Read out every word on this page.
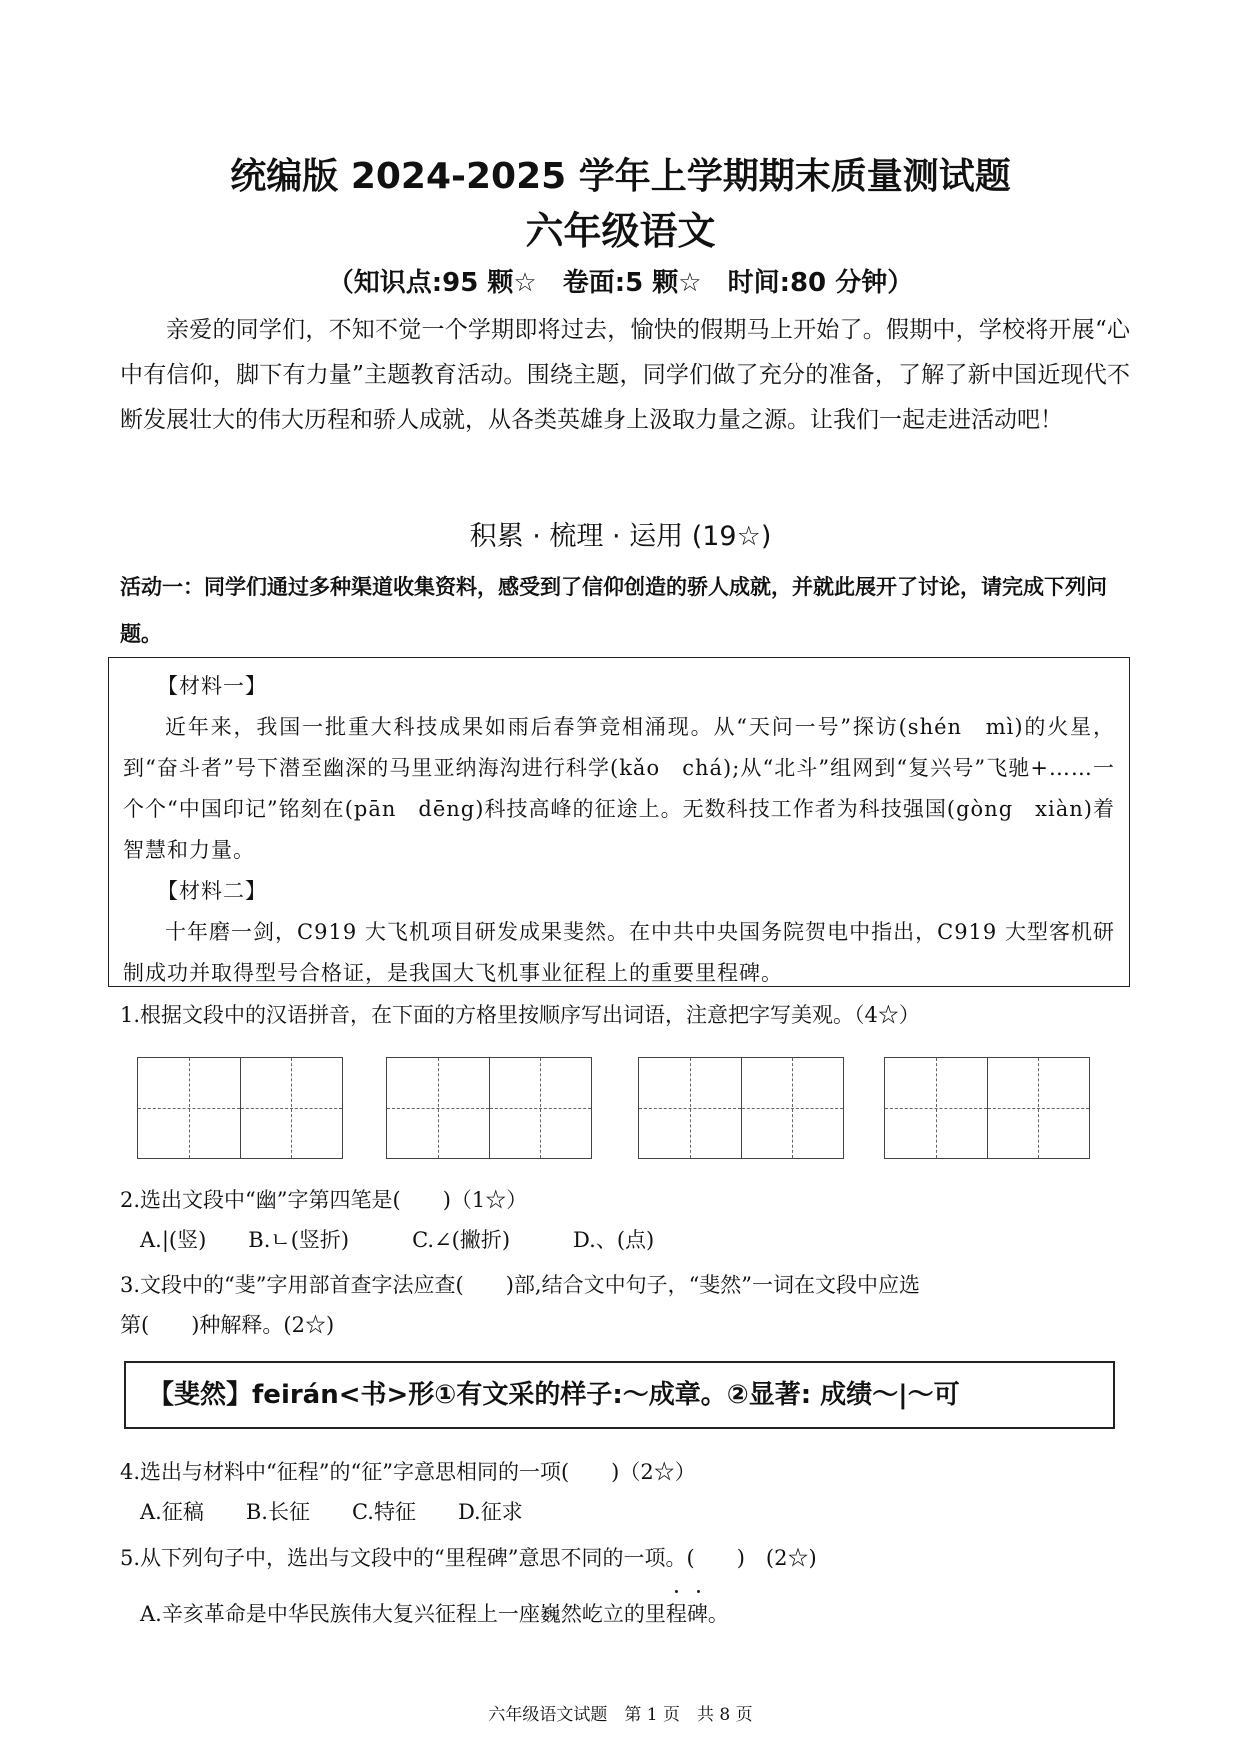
统编版 2024-2025 学年上学期期末质量测试题
六年级语文
（知识点:95 颗☆　卷面:5 颗☆　时间:80 分钟）

亲爱的同学们，不知不觉一个学期即将过去，愉快的假期马上开始了。假期中，学校将开展“心中有信仰，脚下有力量”主题教育活动。围绕主题，同学们做了充分的准备，了解了新中国近现代不断发展壮大的伟大历程和骄人成就，从各类英雄身上汲取力量之源。让我们一起走进活动吧！

积累 · 梳理 · 运用 (19☆)
活动一：同学们通过多种渠道收集资料，感受到了信仰创造的骄人成就，并就此展开了讨论，请完成下列问题。
【材料一】
近年来，我国一批重大科技成果如雨后春笋竞相涌现。从“天问一号”探访(shén　mì)的火星，到“奋斗者”号下潜至幽深的马里亚纳海沟进行科学(kǎo　chá);从“北斗”组网到“复兴号”飞驰+……一个个“中国印记”铭刻在(pān　dēng)科技高峰的征途上。无数科技工作者为科技强国(gòng　xiàn)着智慧和力量。
【材料二】
十年磨一剑，C919 大飞机项目研发成果斐然。在中共中央国务院贺电中指出，C919 大型客机研制成功并取得型号合格证，是我国大飞机事业征程上的重要里程碑。
1.根据文段中的汉语拼音，在下面的方格里按顺序写出词语，注意把字写美观。（4☆）
2.选出文段中“幽”字第四笔是(　　)（1☆）
A.|(竖)　　B.ㄴ(竖折)　　　C.∠(撇折)　　　D.、(点)
3.文段中的“斐”字用部首查字法应查(　　)部,结合文中句子，“斐然”一词在文段中应选
第(　　)种解释。(2☆)
【斐然】feirán<书>形①有文采的样子:～成章。②显著: 成绩～|～可
4.选出与材料中“征程”的“征”字意思相同的一项(　　)（2☆）
A.征稿　　B.长征　　C.特征　　D.征求
5.从下列句子中，选出与文段中的“里程碑”意思不同的一项。(　　)　(2☆)
A.辛亥革命是中华民族伟大复兴征程上一座巍然屹立的里程碑。
六年级语文试题　第 1 页　共 8 页
